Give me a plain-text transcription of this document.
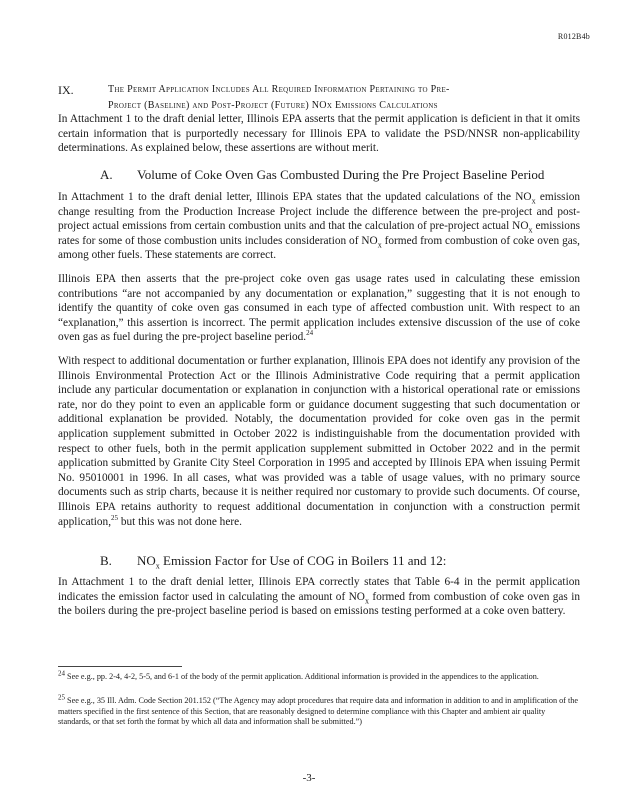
R012B4b
IX.	The Permit Application Includes All Required Information Pertaining to Pre-
Project (Baseline) and Post-Project (Future) NOx Emissions Calculations

In Attachment 1 to the draft denial letter, Illinois EPA asserts that the permit application is deficient in that it omits certain information that is purportedly necessary for Illinois EPA to validate the PSD/NNSR non-applicability determinations. As explained below, these assertions are without merit.

A. Volume of Coke Oven Gas Combusted During the Pre Project Baseline Period

In Attachment 1 to the draft denial letter, Illinois EPA states that the updated calculations of the $NO_x$ emission change resulting from the Production Increase Project include the difference between the pre-project and post-project actual emissions from certain combustion units and that the calculation of pre-project actual $NO_x$ emissions rates for some of those combustion units includes consideration of $NO_x$ formed from combustion of coke oven gas, among other fuels. These statements are correct.

Illinois EPA then asserts that the pre-project coke oven gas usage rates used in calculating these emission contributions “are not accompanied by any documentation or explanation,” suggesting that it is not enough to identify the quantity of coke oven gas consumed in each type of affected combustion unit. With respect to an “explanation,” this assertion is incorrect. The permit application includes extensive discussion of the use of coke oven gas as fuel during the pre-project baseline period.$^{24}$

With respect to additional documentation or further explanation, Illinois EPA does not identify any provision of the Illinois Environmental Protection Act or the Illinois Administrative Code requiring that a permit application include any particular documentation or explanation in conjunction with a historical operational rate or emissions rate, nor do they point to even an applicable form or guidance document suggesting that such documentation or additional explanation be provided. Notably, the documentation provided for coke oven gas in the permit application supplement submitted in October 2022 is indistinguishable from the documentation provided with respect to other fuels, both in the permit application supplement submitted in October 2022 and in the permit application submitted by Granite City Steel Corporation in 1995 and accepted by Illinois EPA when issuing Permit No. 95010001 in 1996. In all cases, what was provided was a table of usage values, with no primary source documents such as strip charts, because it is neither required nor customary to provide such documents. Of course, Illinois EPA retains authority to request additional documentation in conjunction with a construction permit application,$^{25}$ but this was not done here.

B. $NO_x$ Emission Factor for Use of COG in Boilers 11 and 12:

In Attachment 1 to the draft denial letter, Illinois EPA correctly states that Table 6-4 in the permit application indicates the emission factor used in calculating the amount of $NO_x$ formed from combustion of coke oven gas in the boilers during the pre-project baseline period is based on emissions testing performed at a coke oven battery.

$^{24}$ See e.g., pp. 2-4, 4-2, 5-5, and 6-1 of the body of the permit application. Additional information is provided in the appendices to the application.

$^{25}$ See e.g., 35 Ill. Adm. Code Section 201.152 (“The Agency may adopt procedures that require data and information in addition to and in amplification of the matters specified in the first sentence of this Section, that are reasonably designed to determine compliance with this Chapter and ambient air quality standards, or that set forth the format by which all data and information shall be submitted.”)

-3-
